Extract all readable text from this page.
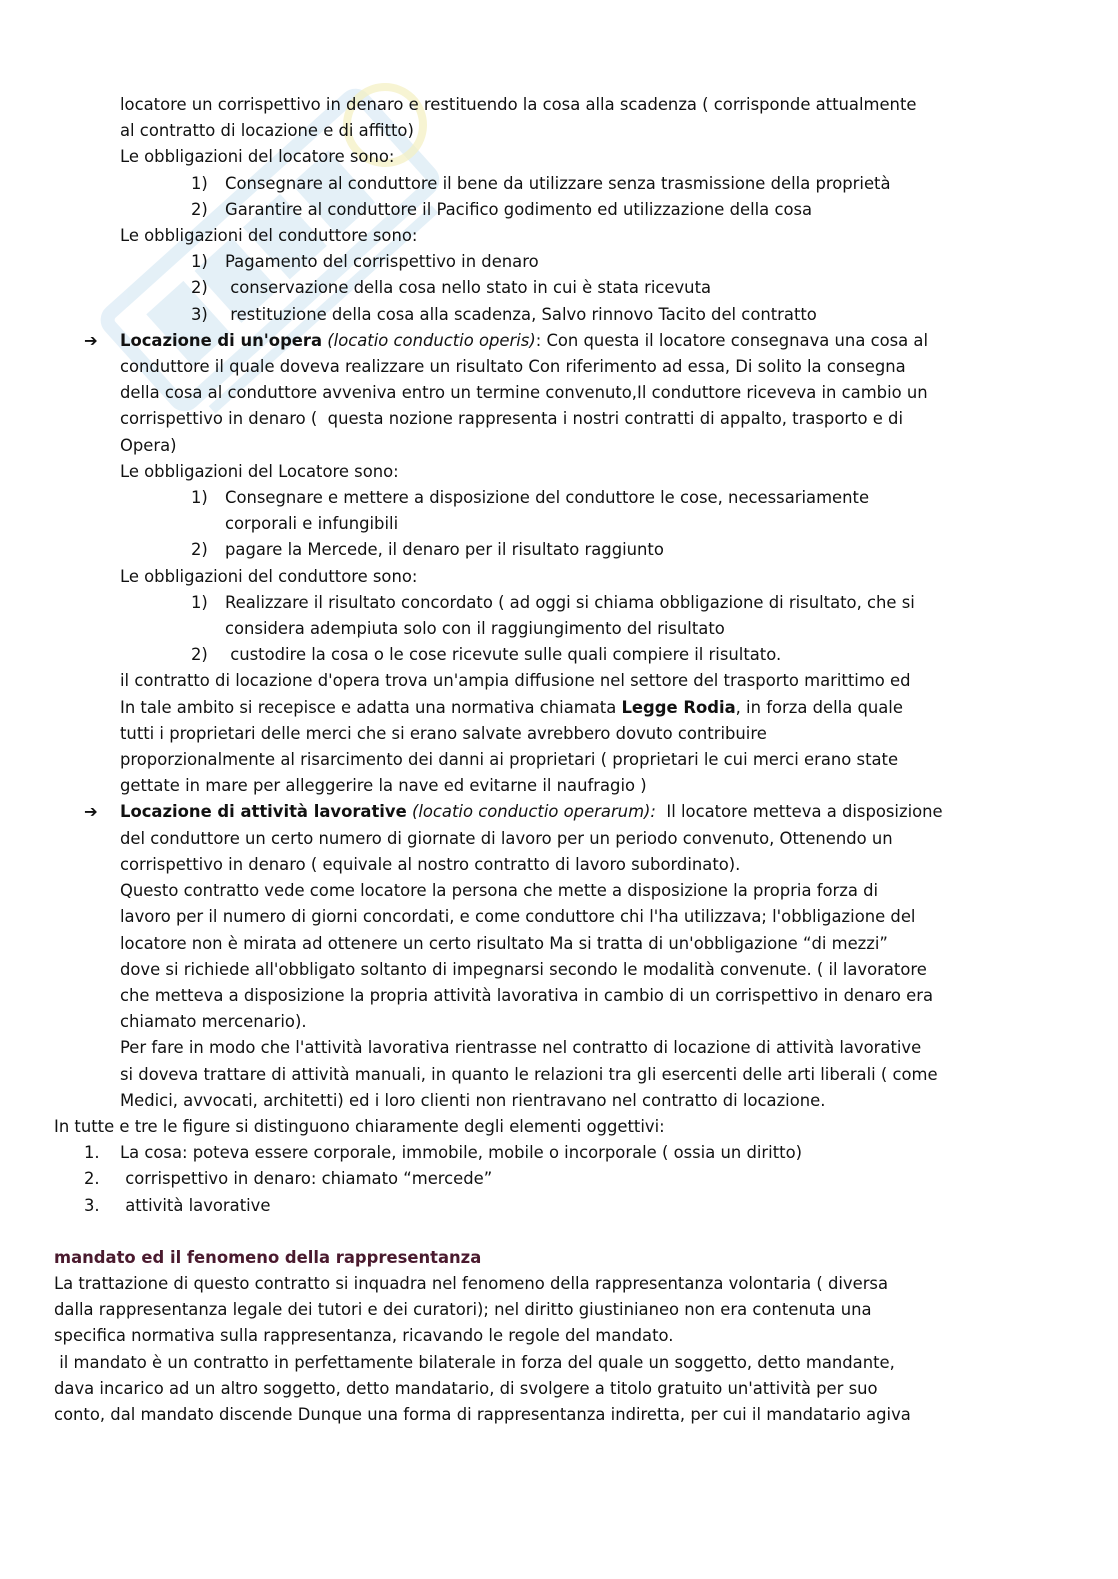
locatore un corrispettivo in denaro e restituendo la cosa alla scadenza ( corrisponde attualmente
al contratto di locazione e di affitto)
Le obbligazioni del locatore sono:
1) Consegnare al conduttore il bene da utilizzare senza trasmissione della proprietà
2) Garantire al conduttore il Pacifico godimento ed utilizzazione della cosa
Le obbligazioni del conduttore sono:
1) Pagamento del corrispettivo in denaro
2) conservazione della cosa nello stato in cui è stata ricevuta
3) restituzione della cosa alla scadenza, Salvo rinnovo Tacito del contratto
➔ Locazione di un'opera (locatio conductio operis): Con questa il locatore consegnava una cosa al
conduttore il quale doveva realizzare un risultato Con riferimento ad essa, Di solito la consegna
della cosa al conduttore avveniva entro un termine convenuto,Il conduttore riceveva in cambio un
corrispettivo in denaro (  questa nozione rappresenta i nostri contratti di appalto, trasporto e di
Opera)
Le obbligazioni del Locatore sono:
1) Consegnare e mettere a disposizione del conduttore le cose, necessariamente
corporali e infungibili
2) pagare la Mercede, il denaro per il risultato raggiunto
Le obbligazioni del conduttore sono:
1) Realizzare il risultato concordato ( ad oggi si chiama obbligazione di risultato, che si
considera adempiuta solo con il raggiungimento del risultato
2) custodire la cosa o le cose ricevute sulle quali compiere il risultato.
il contratto di locazione d'opera trova un'ampia diffusione nel settore del trasporto marittimo ed
In tale ambito si recepisce e adatta una normativa chiamata Legge Rodia, in forza della quale
tutti i proprietari delle merci che si erano salvate avrebbero dovuto contribuire
proporzionalmente al risarcimento dei danni ai proprietari ( proprietari le cui merci erano state
gettate in mare per alleggerire la nave ed evitarne il naufragio )
➔ Locazione di attività lavorative (locatio conductio operarum):  Il locatore metteva a disposizione
del conduttore un certo numero di giornate di lavoro per un periodo convenuto, Ottenendo un
corrispettivo in denaro ( equivale al nostro contratto di lavoro subordinato).
Questo contratto vede come locatore la persona che mette a disposizione la propria forza di
lavoro per il numero di giorni concordati, e come conduttore chi l'ha utilizzava; l'obbligazione del
locatore non è mirata ad ottenere un certo risultato Ma si tratta di un'obbligazione “di mezzi”
dove si richiede all'obbligato soltanto di impegnarsi secondo le modalità convenute. ( il lavoratore
che metteva a disposizione la propria attività lavorativa in cambio di un corrispettivo in denaro era
chiamato mercenario).
Per fare in modo che l'attività lavorativa rientrasse nel contratto di locazione di attività lavorative
si doveva trattare di attività manuali, in quanto le relazioni tra gli esercenti delle arti liberali ( come
Medici, avvocati, architetti) ed i loro clienti non rientravano nel contratto di locazione.
In tutte e tre le figure si distinguono chiaramente degli elementi oggettivi:
1. La cosa: poteva essere corporale, immobile, mobile o incorporale ( ossia un diritto)
2. corrispettivo in denaro: chiamato “mercede”
3. attività lavorative
mandato ed il fenomeno della rappresentanza
La trattazione di questo contratto si inquadra nel fenomeno della rappresentanza volontaria ( diversa
dalla rappresentanza legale dei tutori e dei curatori); nel diritto giustinianeo non era contenuta una
specifica normativa sulla rappresentanza, ricavando le regole del mandato.
il mandato è un contratto in perfettamente bilaterale in forza del quale un soggetto, detto mandante,
dava incarico ad un altro soggetto, detto mandatario, di svolgere a titolo gratuito un'attività per suo
conto, dal mandato discende Dunque una forma di rappresentanza indiretta, per cui il mandatario agiva
